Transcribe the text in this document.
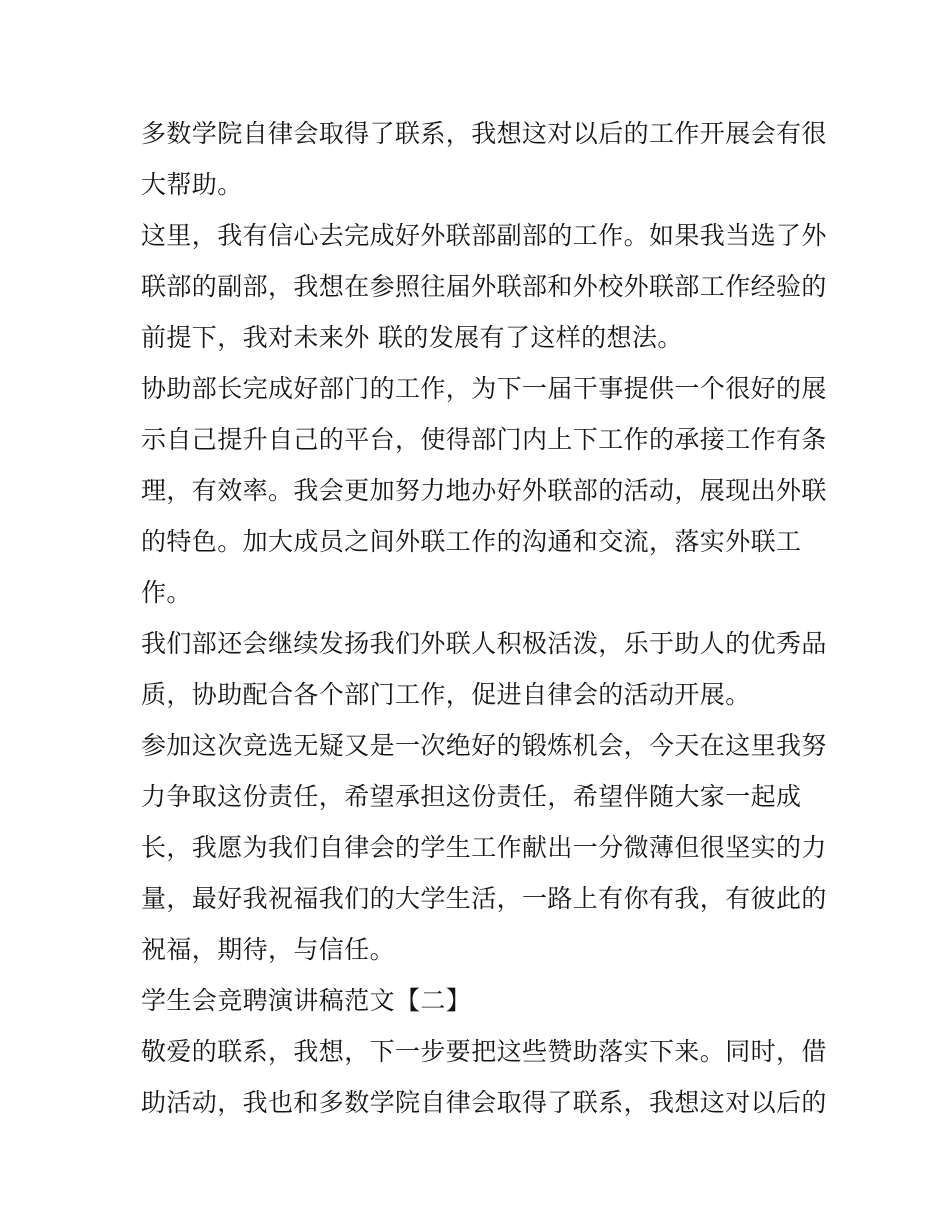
多数学院自律会取得了联系，我想这对以后的工作开展会有很
大帮助。
这里，我有信心去完成好外联部副部的工作。如果我当选了外
联部的副部，我想在参照往届外联部和外校外联部工作经验的
前提下，我对未来外 联的发展有了这样的想法。
协助部长完成好部门的工作，为下一届干事提供一个很好的展
示自己提升自己的平台，使得部门内上下工作的承接工作有条
理，有效率。我会更加努力地办好外联部的活动，展现出外联
的特色。加大成员之间外联工作的沟通和交流，落实外联工
作。
我们部还会继续发扬我们外联人积极活泼，乐于助人的优秀品
质，协助配合各个部门工作，促进自律会的活动开展。
参加这次竞选无疑又是一次绝好的锻炼机会，今天在这里我努
力争取这份责任，希望承担这份责任，希望伴随大家一起成
长，我愿为我们自律会的学生工作献出一分微薄但很坚实的力
量，最好我祝福我们的大学生活，一路上有你有我，有彼此的
祝福，期待，与信任。
学生会竞聘演讲稿范文【二】
敬爱的联系，我想，下一步要把这些赞助落实下来。同时，借
助活动，我也和多数学院自律会取得了联系，我想这对以后的
